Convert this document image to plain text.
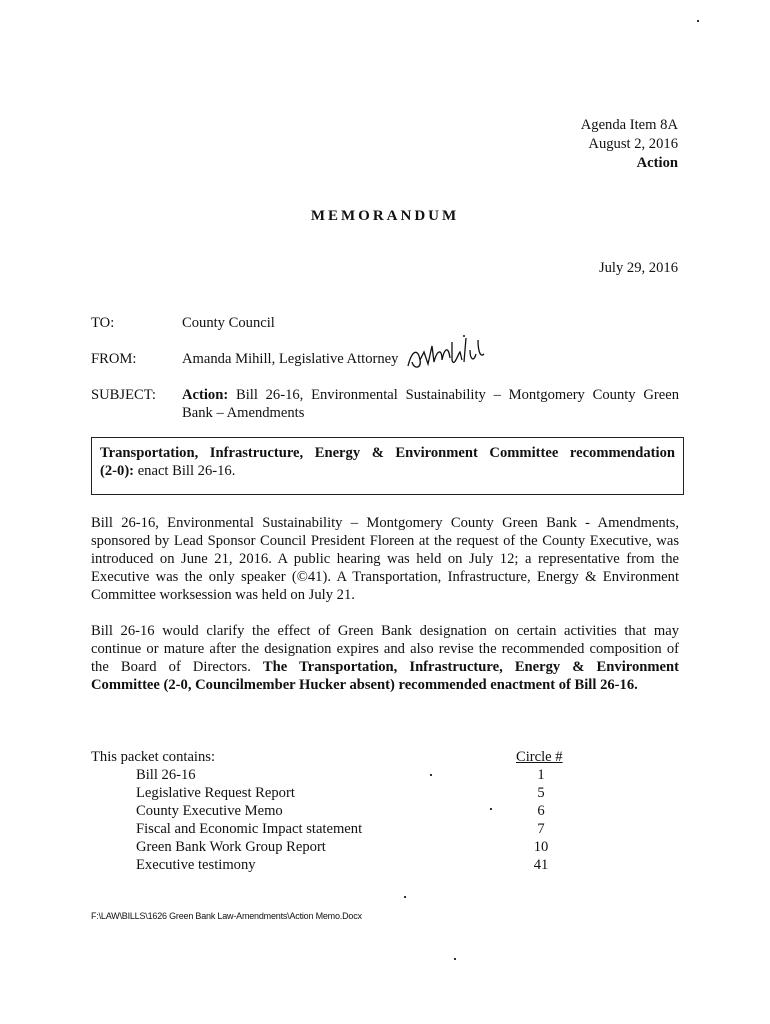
Agenda Item 8A
August 2, 2016
Action
MEMORANDUM
July 29, 2016
TO:	County Council
FROM:	Amanda Mihill, Legislative Attorney
SUBJECT: Action: Bill 26-16, Environmental Sustainability – Montgomery County Green
Bank – Amendments
Transportation, Infrastructure, Energy & Environment Committee recommendation
(2-0): enact Bill 26-16.
Bill 26-16, Environmental Sustainability – Montgomery County Green Bank - Amendments,
sponsored by Lead Sponsor Council President Floreen at the request of the County Executive, was
introduced on June 21, 2016. A public hearing was held on July 12; a representative from the
Executive was the only speaker (©41). A Transportation, Infrastructure, Energy & Environment
Committee worksession was held on July 21.
Bill 26-16 would clarify the effect of Green Bank designation on certain activities that may
continue or mature after the designation expires and also revise the recommended composition of
the Board of Directors. The Transportation, Infrastructure, Energy & Environment
Committee (2-0, Councilmember Hucker absent) recommended enactment of Bill 26-16.
This packet contains:	Circle #
Bill 26-16	1
Legislative Request Report	5
County Executive Memo	6
Fiscal and Economic Impact statement	7
Green Bank Work Group Report	10
Executive testimony	41
F:\LAW\BILLS\1626 Green Bank Law-Amendments\Action Memo.Docx
